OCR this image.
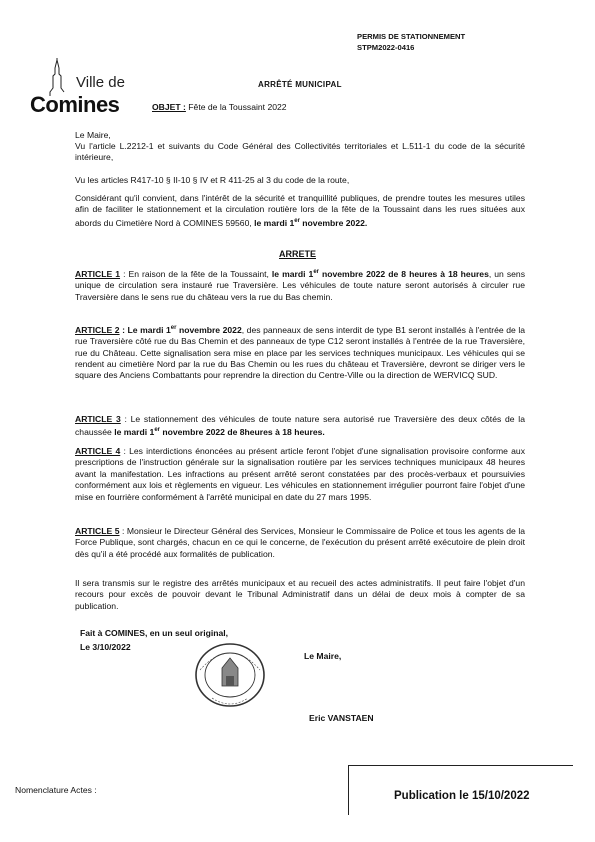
PERMIS DE STATIONNEMENT
STPM2022-0416
Ville de
Comines
ARRÊTÉ MUNICIPAL
OBJET : Fête de la Toussaint 2022
Le Maire,
Vu l'article L.2212-1 et suivants du Code Général des Collectivités territoriales et L.511-1 du code de la sécurité intérieure,
Vu les articles R417-10 § II-10 § IV et R 411-25 al 3 du code de la route,
Considérant qu'il convient, dans l'intérêt de la sécurité et tranquillité publiques, de prendre toutes les mesures utiles afin de faciliter le stationnement et la circulation routière lors de la fête de la Toussaint dans les rues situées aux abords du Cimetière Nord à COMINES 59560, le mardi 1er novembre 2022.
ARRETE
ARTICLE 1 : En raison de la fête de la Toussaint, le mardi 1er novembre 2022 de 8 heures à 18 heures, un sens unique de circulation sera instauré rue Traversière. Les véhicules de toute nature seront autorisés à circuler rue Traversière dans le sens rue du château vers la rue du Bas chemin.
ARTICLE 2 : Le mardi 1er novembre 2022, des panneaux de sens interdit de type B1 seront installés à l'entrée de la rue Traversière côté rue du Bas Chemin et des panneaux de type C12 seront installés à l'entrée de la rue Traversière, rue du Château. Cette signalisation sera mise en place par les services techniques municipaux. Les véhicules qui se rendent au cimetière Nord par la rue du Bas Chemin ou les rues du château et Traversière, devront se diriger vers le square des Anciens Combattants pour reprendre la direction du Centre-Ville ou la direction de WERVICQ SUD.
ARTICLE 3 : Le stationnement des véhicules de toute nature sera autorisé rue Traversière des deux côtés de la chaussée le mardi 1er novembre 2022 de 8heures à 18 heures.
ARTICLE 4 : Les interdictions énoncées au présent article feront l'objet d'une signalisation provisoire conforme aux prescriptions de l'instruction générale sur la signalisation routière par les services techniques municipaux 48 heures avant la manifestation. Les infractions au présent arrêté seront constatées par des procès-verbaux et poursuivies conformément aux lois et règlements en vigueur. Les véhicules en stationnement irrégulier pourront faire l'objet d'une mise en fourrière conformément à l'arrêté municipal en date du 27 mars 1995.
ARTICLE 5 : Monsieur le Directeur Général des Services, Monsieur le Commissaire de Police et tous les agents de la Force Publique, sont chargés, chacun en ce qui le concerne, de l'exécution du présent arrêté exécutoire de plein droit dès qu'il a été procédé aux formalités de publication.
Il sera transmis sur le registre des arrêtés municipaux et au recueil des actes administratifs. Il peut faire l'objet d'un recours pour excès de pouvoir devant le Tribunal Administratif dans un délai de deux mois à compter de sa publication.
Fait à COMINES, en un seul original,
Le 3/10/2022
Le Maire,
Eric VANSTAEN
Nomenclature Actes :	Publication le 15/10/2022
